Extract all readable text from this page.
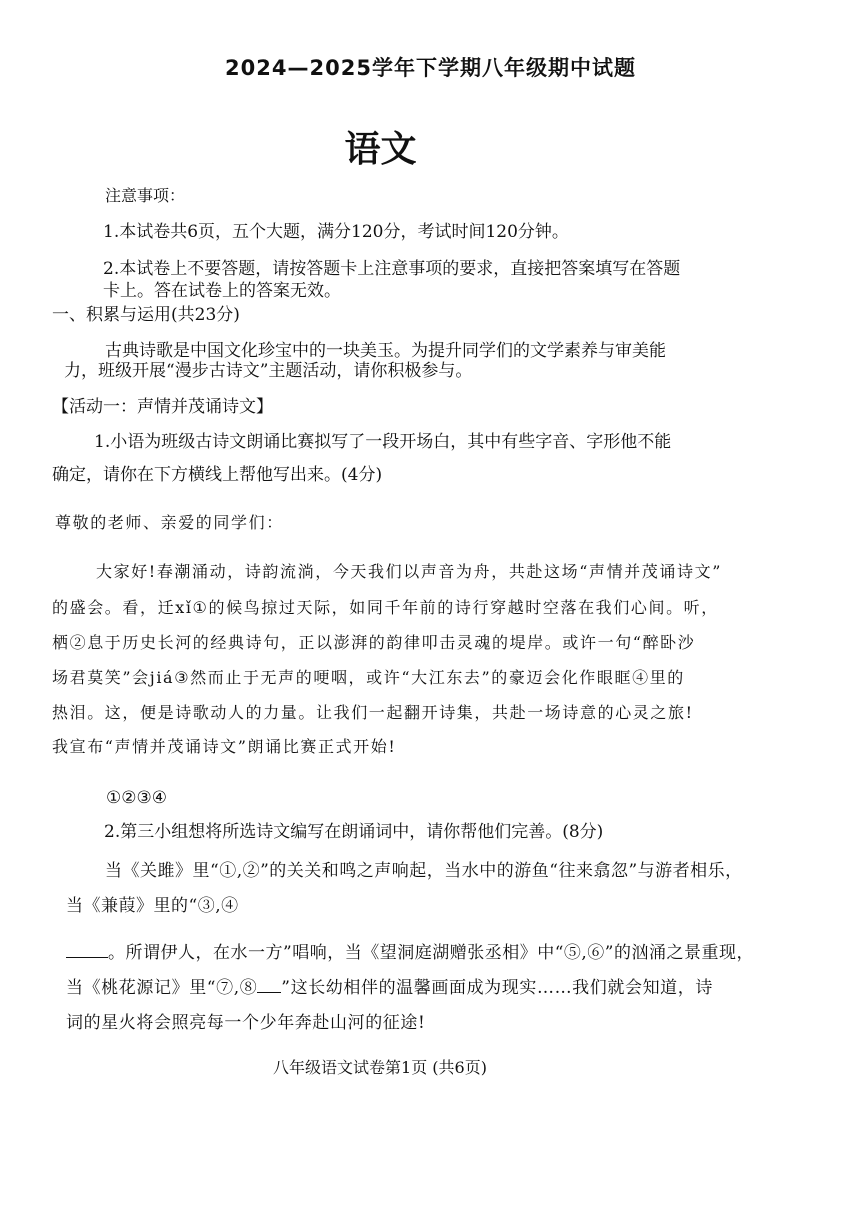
2024—2025学年下学期八年级期中试题
语文
注意事项：
1.本试卷共6页，五个大题，满分120分，考试时间120分钟。
2.本试卷上不要答题，请按答题卡上注意事项的要求，直接把答案填写在答题
卡上。答在试卷上的答案无效。
一、积累与运用(共23分)
古典诗歌是中国文化珍宝中的一块美玉。为提升同学们的文学素养与审美能
力，班级开展“漫步古诗文”主题活动，请你积极参与。
【活动一：声情并茂诵诗文】
1.小语为班级古诗文朗诵比赛拟写了一段开场白，其中有些字音、字形他不能
确定，请你在下方横线上帮他写出来。(4分)
尊敬的老师、亲爱的同学们：
大家好!春潮涌动，诗韵流淌，今天我们以声音为舟，共赴这场“声情并茂诵诗文”
的盛会。看，迁xǐ①的候鸟掠过天际，如同千年前的诗行穿越时空落在我们心间。听，
栖②息于历史长河的经典诗句，正以澎湃的韵律叩击灵魂的堤岸。或许一句“醉卧沙
场君莫笑”会jiá③然而止于无声的哽咽，或许“大江东去”的豪迈会化作眼眶④里的
热泪。这，便是诗歌动人的力量。让我们一起翻开诗集，共赴一场诗意的心灵之旅!
我宣布“声情并茂诵诗文”朗诵比赛正式开始!
①②③④
2.第三小组想将所选诗文编写在朗诵词中，请你帮他们完善。(8分)
当《关雎》里“①,②”的关关和鸣之声响起，当水中的游鱼“往来翕忽”与游者相乐，
当《兼葭》里的“③,④
。所谓伊人，在水一方”唱响，当《望洞庭湖赠张丞相》中“⑤,⑥”的汹涌之景重现，
当《桃花源记》里“⑦,⑧ ”这长幼相伴的温馨画面成为现实……我们就会知道，诗
词的星火将会照亮每一个少年奔赴山河的征途!
八年级语文试卷第1页 (共6页)
